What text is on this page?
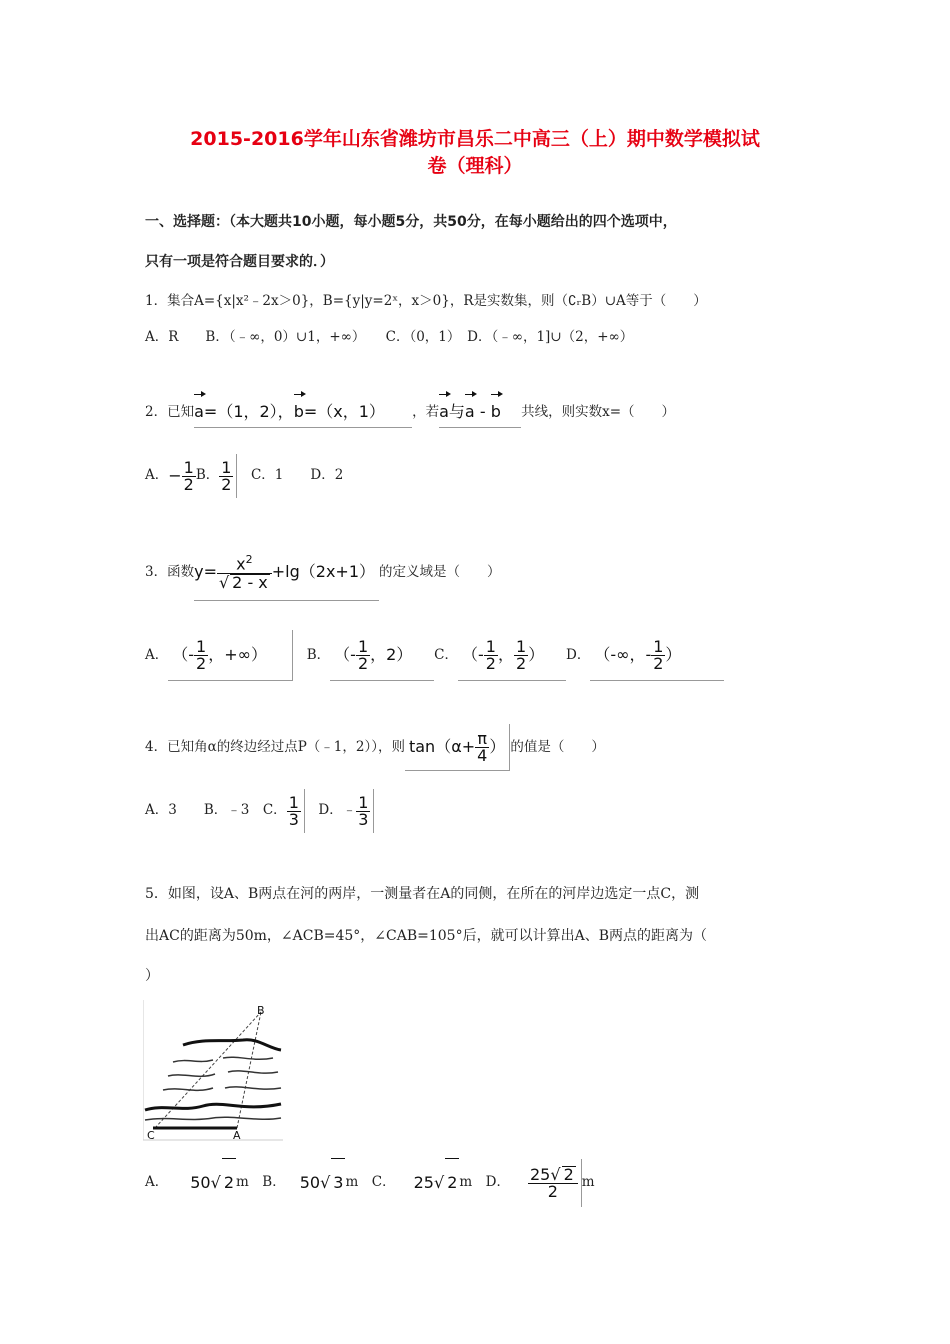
2015-2016学年山东省潍坊市昌乐二中高三（上）期中数学模拟试
卷（理科）
一、选择题：（本大题共10小题，每小题5分，共50分，在每小题给出的四个选项中，
只有一项是符合题目要求的．）
1．集合A={x|x²﹣2x＞0}，B={y|y=2ˣ，x＞0}，R是实数集，则（∁ᵣB）∪A等于（　　）
A．R　　B．（﹣∞，0）∪1，+∞）　　C．（0，1）　D．（﹣∞，1]∪（2，+∞）
2．已知a=（1，2），b=（x，1） ，若a与a - b 共线，则实数x=（　　）
A．− $\frac{1}{2}$ B． $\frac{1}{2}$
　 C．1　　D．2
3．函数$y= \frac{x^2}{√ 2 - x} +\lg(2x+1)$ 的定义域是（　　）
A． （- $\frac{1}{2}$ ，+∞）　	B． （- $\frac{1}{2}$ ，2） C． （- $\frac{1}{2}$ ， $\frac{1}{2}$ ） D． （-∞，- $\frac{1}{2}$ ）
4．已知角α的终边经过点P（﹣1，2）），则 $\tan(\alpha+ \frac{\pi}{4}$ ） 的值是（　　）
A．3　　B．﹣3　C． $\frac{1}{3}$ 　D．﹣ $\frac{1}{3}$
5．如图，设A、B两点在河的两岸，一测量者在A的同侧，在所在的河岸边选定一点C，测
出AC的距离为50m，∠ACB=45°，∠CAB=105°后，就可以计算出A、B两点的距离为（
）
B
C	A
A． 50√ 2 m　B． 50√ 3 m　C． 25√ 2 m　D． $\frac{25√ 2}{2}$ m
